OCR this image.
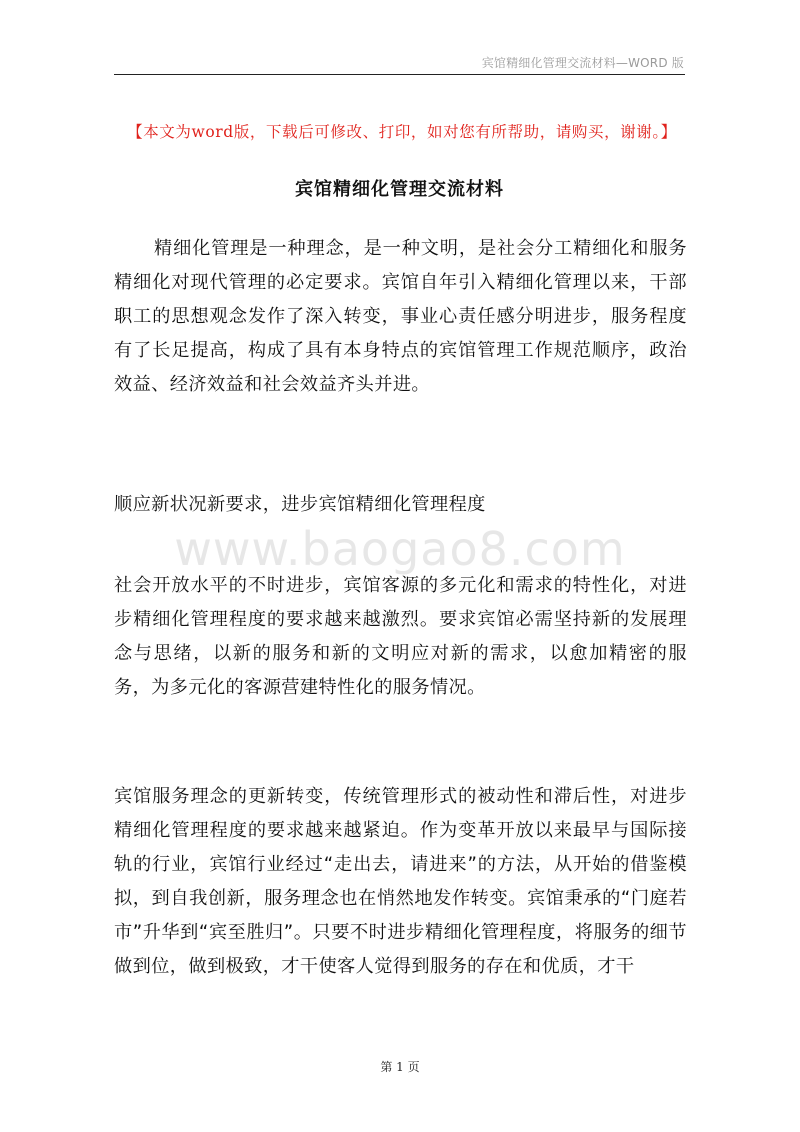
宾馆精细化管理交流材料—WORD 版
【本文为word版，下载后可修改、打印，如对您有所帮助，请购买，谢谢。】
宾馆精细化管理交流材料
精细化管理是一种理念，是一种文明，是社会分工精细化和服务精细化对现代管理的必定要求。宾馆自年引入精细化管理以来，干部职工的思想观念发作了深入转变，事业心责任感分明进步，服务程度有了长足提高，构成了具有本身特点的宾馆管理工作规范顺序，政治效益、经济效益和社会效益齐头并进。
顺应新状况新要求，进步宾馆精细化管理程度
www.baogao8.com
社会开放水平的不时进步，宾馆客源的多元化和需求的特性化，对进步精细化管理程度的要求越来越激烈。要求宾馆必需坚持新的发展理念与思绪，以新的服务和新的文明应对新的需求，以愈加精密的服务，为多元化的客源营建特性化的服务情况。
宾馆服务理念的更新转变，传统管理形式的被动性和滞后性，对进步精细化管理程度的要求越来越紧迫。作为变革开放以来最早与国际接轨的行业，宾馆行业经过“走出去，请进来”的方法，从开始的借鉴模拟，到自我创新，服务理念也在悄然地发作转变。宾馆秉承的“门庭若市”升华到“宾至胜归”。只要不时进步精细化管理程度，将服务的细节做到位，做到极致，才干使客人觉得到服务的存在和优质，才干
第 1 页
